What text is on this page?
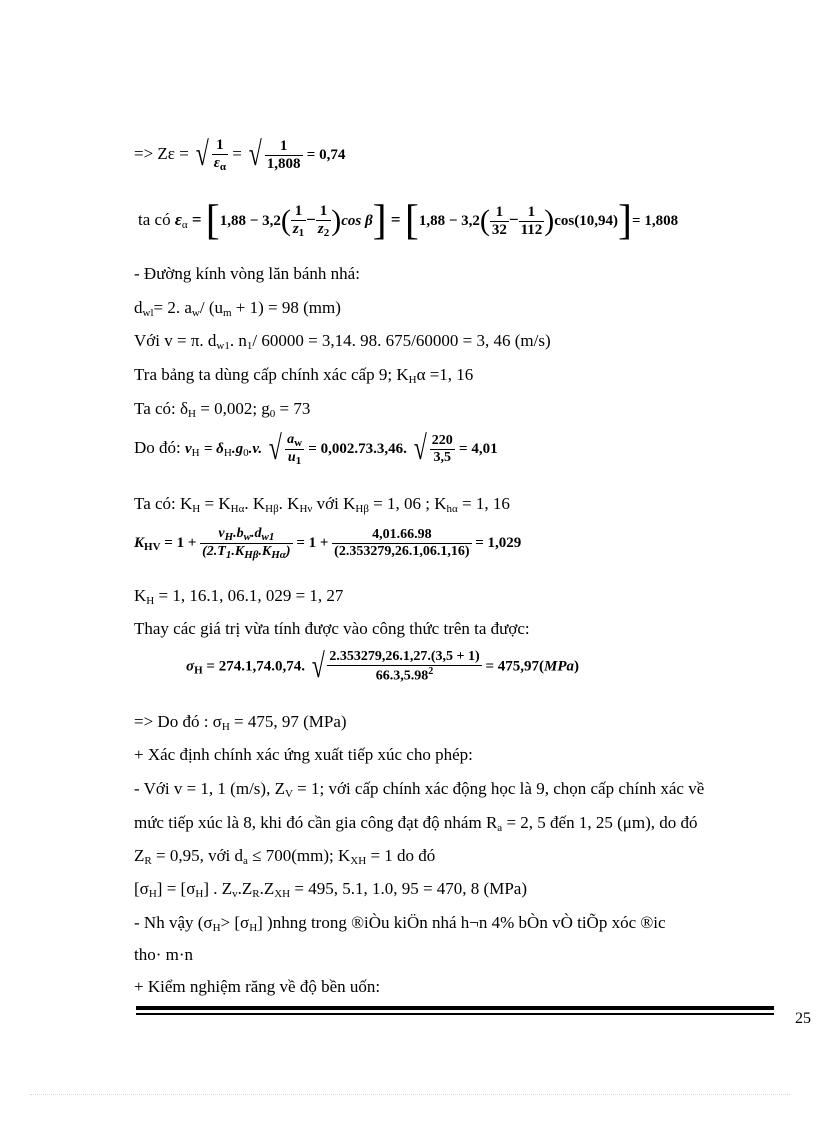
=> Zε = √ $\frac{1}{\varepsilon_\alpha}$ = √ $\frac{1}{1,808} = 0,74$
ta có $\varepsilon_\alpha = [1,88 - 3,2( \frac{1}{z_1} - \frac{1}{z_2} )\cos$ $\beta] = [1,88 - 3,2( \frac{1}{32} - \frac{1}{112} )\cos(10,94)]= 1,808$
- Đường kính vòng lăn bánh nhá:
$d_{wl}= 2$. $a_w/$ $(u_m + 1) = 98$ (mm)
Với v = π. $d_{w1}$. $n_1/$ 60000 = 3,14. 98. 675/60000 = 3, 46 (m/s)
Tra bảng ta dùng cấp chính xác cấp 9; $K_H\alpha =1$, 16
Ta có: $\delta_H = 0,002$; $g_0 = 73$
Do đó: $\nu_H = \delta_H.g_0.v$. √ $\frac{a_w}{u_1} = 0,002.73.3,46$. √ $\frac{220}{3,5} = 4,01$
Ta có: $K_H = K_{H\alpha}$. $K_{H\beta}$. $K_{H\nu}$ với $K_{H\beta} = 1$, 06 ; $K_{h\alpha} = 1$, 16
$K_{HV} = 1 + \frac{\nu_H.b_w.d_{w1}}{(2.T_1.K_{H\beta}.K_{H\alpha})} = 1 + \frac{4,01.66.98}{(2.353279,26.1,06.1,16)} = 1,029$
$K_H = 1$, 16.1, 06.1, 029 = 1, 27
Thay các giá trị vừa tính được vào công thức trên ta được:
$\sigma_H = 274.1,74.0,74$. √ $\frac{2.353279,26.1,27.(3,5 + 1)}{66.3,5.98^2} = 475,97(MPa)$
=> Do đó : $\sigma_H = 475$, 97 (MPa)
+ Xác định chính xác ứng xuất tiếp xúc cho phép:
- Với v = 1, 1 (m/s), $Z_V = 1$; với cấp chính xác động học là 9, chọn cấp chính xác về
mức tiếp xúc là 8, khi đó cần gia công đạt độ nhám $R_a = 2$, 5 đến 1, 25 (μm), do đó
$Z_R = 0,95$, với $d_a \le 700(mm)$; $K_{XH} = 1$ do đó
$[\sigma_H] = [\sigma_H]$ . $Z_v.Z_R.Z_{XH} = 495$, 5.1, 1.0, 95 = 470, 8 (MPa)
- Nh vậy ($\sigma_H> [\sigma_H]$ )nhng trong ®iÒu kiÖn nhá h¬n 4% bÒn vÒ tiÕp xóc ®ic
tho· m·n
+ Kiểm nghiệm răng về độ bền uốn:
25
